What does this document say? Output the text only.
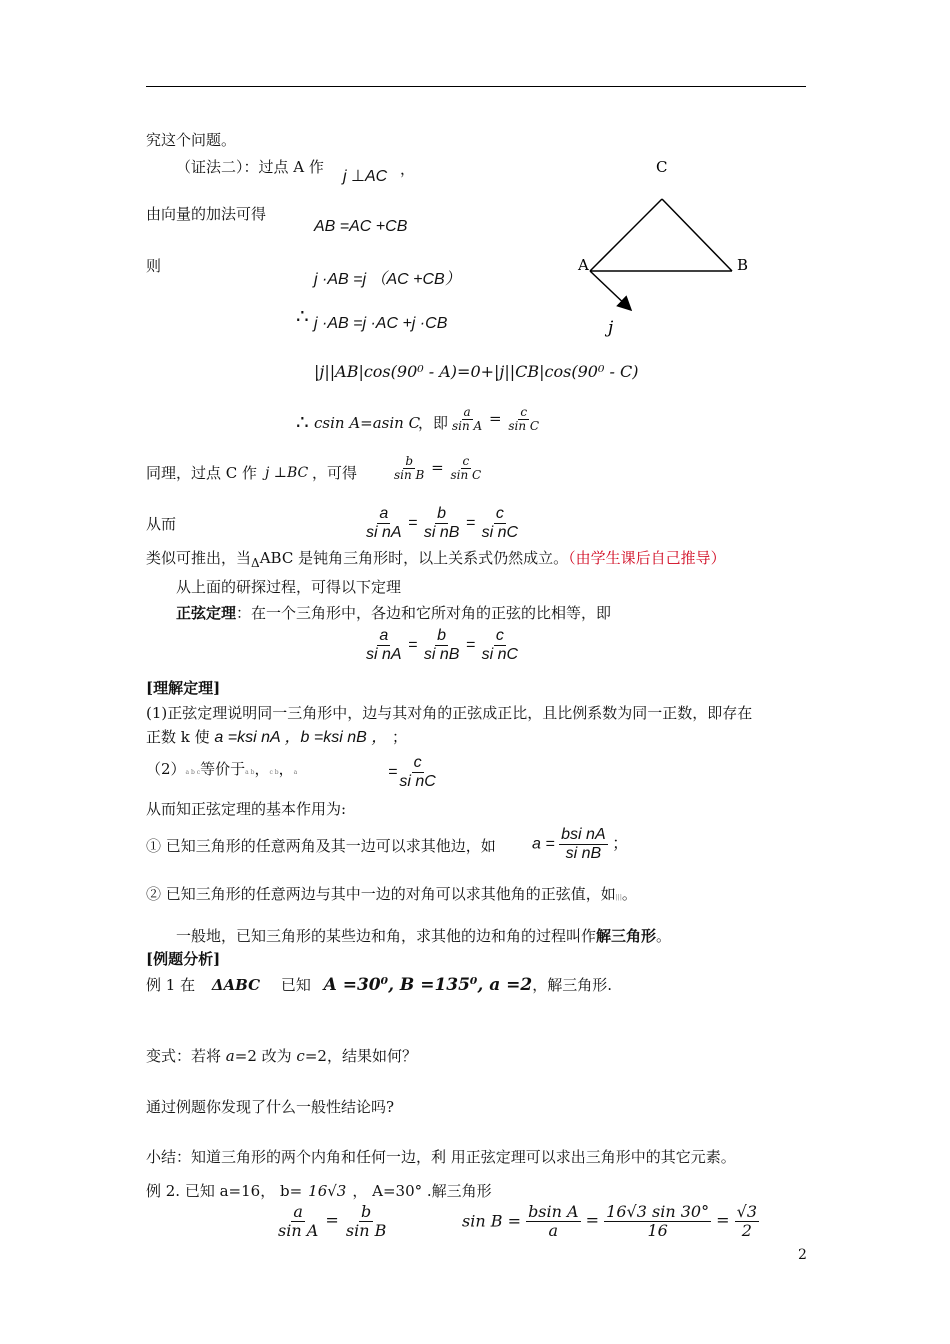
究这个问题。
（证法二）：过点 A 作
j ⊥AC ，
由向量的加法可得
AB =AC +CB
则
j ·AB =j （AC +CB）
∴ j ·AB =j ·AC +j ·CB
|j||AB|cos(90⁰ - A)=0+|j||CB|cos(90⁰ - C)
∴ csin A=asin C
，即 $\frac{a}{\text{sin A}} = \frac{c}{\text{sin C}}$
同理，过点 C 作 j ⊥BC ，可得	$\frac{b}{\text{sin B}} = \frac{c}{\text{sin C}}$
从而	$\frac{a}{\text{si nA}} = \frac{b}{\text{si nB}} = \frac{c}{\text{si nC}}$
类似可推出，当$_\Delta$ABC 是钝角三角形时，以上关系式仍然成立。（由学生课后自己推导）
从上面的研探过程，可得以下定理
正弦定理：在一个三角形中，各边和它所对角的正弦的比相等，即
$\frac{a}{\text{si nA}} = \frac{b}{\text{si nB}} = \frac{c}{\text{si nC}}$
[理解定理]
(1)正弦定理说明同一三角形中，边与其对角的正弦成正比，且比例系数为同一正数，即存在
正数 k 使 a =ksi nA ，b =ksi nB ， ；
（2）a b c等价于a b，c b，a	= $\frac{c}{\text{si nC}}$
从而知正弦定理的基本作用为:
① 已知三角形的任意两角及其一边可以求其他边，如 $a = \frac{\text{bsi nA}}{\text{si nB}}$ ；
② 已知三角形的任意两边与其中一边的对角可以求其他角的正弦值，如|||。
一般地，已知三角形的某些边和角，求其他的边和角的过程叫作解三角形。
[例题分析]
例 1 在 ΔABC 已知 A =30⁰, B =135⁰, a =2，解三角形.
变式：若将 a=2 改为 c=2，结果如何？
通过例题你发现了什么一般性结论吗?
小结：知道三角形的两个内角和任何一边，利 用正弦定理可以求出三角形中的其它元素。
例 2. 已知 a=16， b= 16√3 ， A=30° .解三角形
$\frac{a}{\text{sin A}} = \frac{b}{\text{sin B}}$	$\sin B = \frac{\text{bsin A}}{a} = \frac{16√3 \sin 30^\circ}{16} = \frac{√3}{2}$
2
C
A	B
j
